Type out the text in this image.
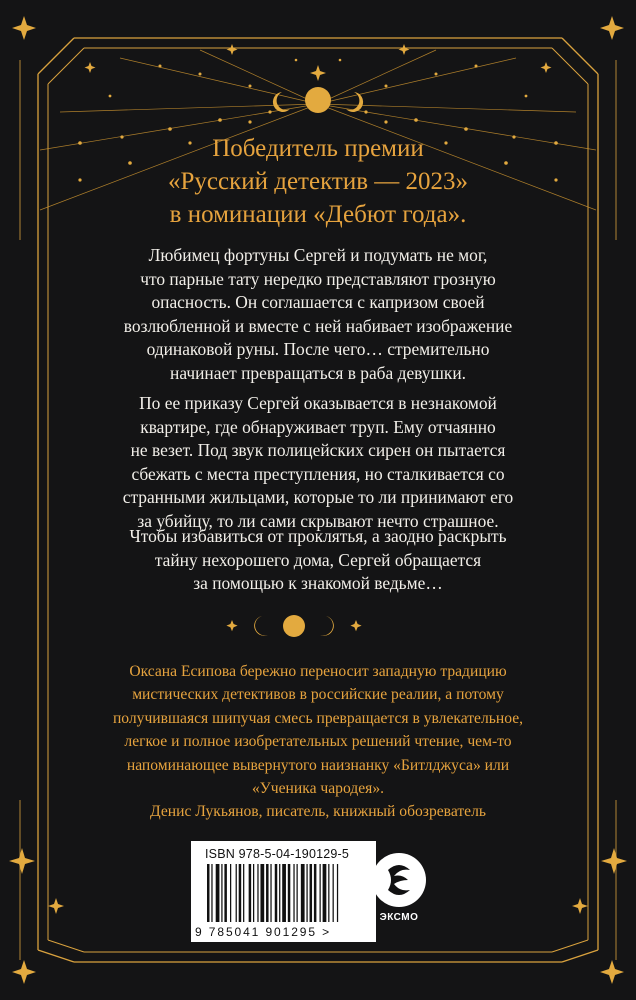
Победитель премии
«Русский детектив — 2023»
в номинации «Дебют года».
Любимец фортуны Сергей и подумать не мог,
что парные тату нередко представляют грозную
опасность. Он соглашается с капризом своей
возлюбленной и вместе с ней набивает изображение
одинаковой руны. После чего… стремительно
начинает превращаться в раба девушки.
По ее приказу Сергей оказывается в незнакомой
квартире, где обнаруживает труп. Ему отчаянно
не везет. Под звук полицейских сирен он пытается
сбежать с места преступления, но сталкивается со
странными жильцами, которые то ли принимают его
за убийцу, то ли сами скрывают нечто страшное.
Чтобы избавиться от проклятья, а заодно раскрыть
тайну нехорошего дома, Сергей обращается
за помощью к знакомой ведьме…
Оксана Есипова бережно переносит западную традицию
мистических детективов в российские реалии, а потому
получившаяся шипучая смесь превращается в увлекательное,
легкое и полное изобретательных решений чтение, чем-то
напоминающее вывернутого наизнанку «Битлджуса» или
«Ученика чародея».
Денис Лукьянов, писатель, книжный обозреватель
ISBN 978-5-04-190129-5
9 785041 901295 >
ЭКСМО
